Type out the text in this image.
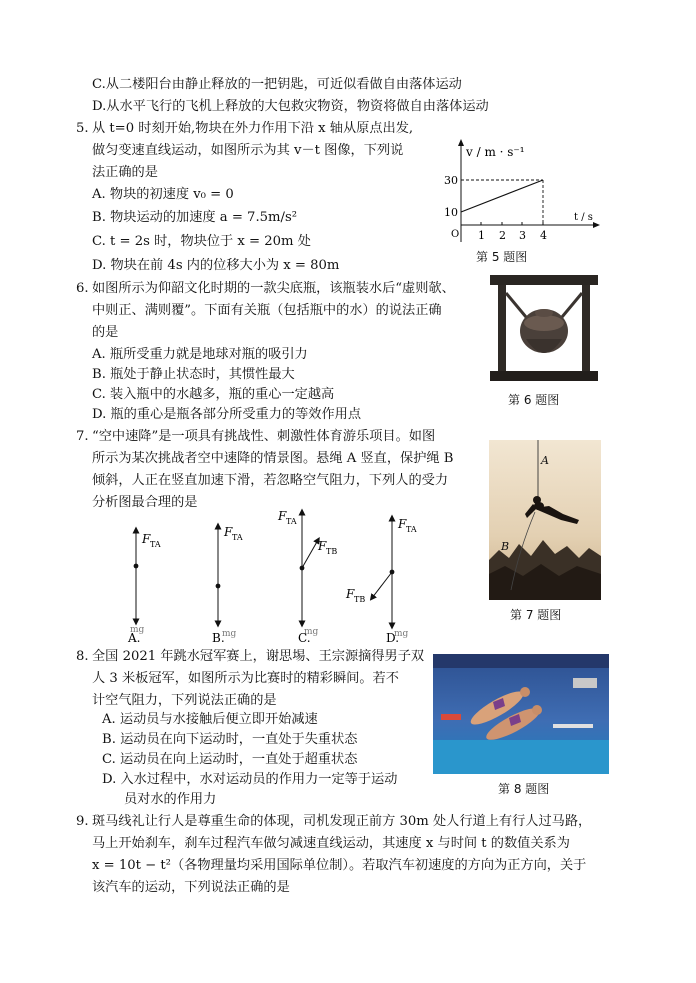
C.从二楼阳台由静止释放的一把钥匙，可近似看做自由落体运动
D.从水平飞行的飞机上释放的大包救灾物资，物资将做自由落体运动
5. 从 t=0 时刻开始,物块在外力作用下沿 x 轴从原点出发,
做匀变速直线运动，如图所示为其 v－t 图像，下列说
法正确的是
A. 物块的初速度 v₀ = 0
B. 物块运动的加速度 a = 7.5m/s²
C. t = 2s 时，物块位于 x = 20m 处
D. 物块在前 4s 内的位移大小为 x = 80m
v / m · s⁻¹
30
10
1 2 3 4
O
t / s
第 5 题图
6. 如图所示为仰韶文化时期的一款尖底瓶，该瓶装水后“虚则欹、
中则正、满则覆”。下面有关瓶（包括瓶中的水）的说法正确
的是
A. 瓶所受重力就是地球对瓶的吸引力
B. 瓶处于静止状态时，其惯性最大
C. 装入瓶中的水越多，瓶的重心一定越高
D. 瓶的重心是瓶各部分所受重力的等效作用点
第 6 题图
7. “空中速降”是一项具有挑战性、刺激性体育游乐项目。如图
所示为某次挑战者空中速降的情景图。悬绳 A 竖直，保护绳 B
倾斜，人正在竖直加速下滑，若忽略空气阻力，下列人的受力
分析图最合理的是
F TA
mg
A.
F TA
mg
B.
F TA
F TB
mg
C.
F TA
F TB
mg
D.
A
B
第 7 题图
8. 全国 2021 年跳水冠军赛上，谢思埸、王宗源摘得男子双
人 3 米板冠军，如图所示为比赛时的精彩瞬间。若不
计空气阻力，下列说法正确的是
A. 运动员与水接触后便立即开始减速
B. 运动员在向下运动时，一直处于失重状态
C. 运动员在向上运动时，一直处于超重状态
D. 入水过程中，水对运动员的作用力一定等于运动
员对水的作用力
第 8 题图
9. 斑马线礼让行人是尊重生命的体现，司机发现正前方 30m 处人行道上有行人过马路，
马上开始刹车，刹车过程汽车做匀减速直线运动，其速度 x 与时间 t 的数值关系为
x = 10t − t²（各物理量均采用国际单位制）。若取汽车初速度的方向为正方向，关于
该汽车的运动，下列说法正确的是
